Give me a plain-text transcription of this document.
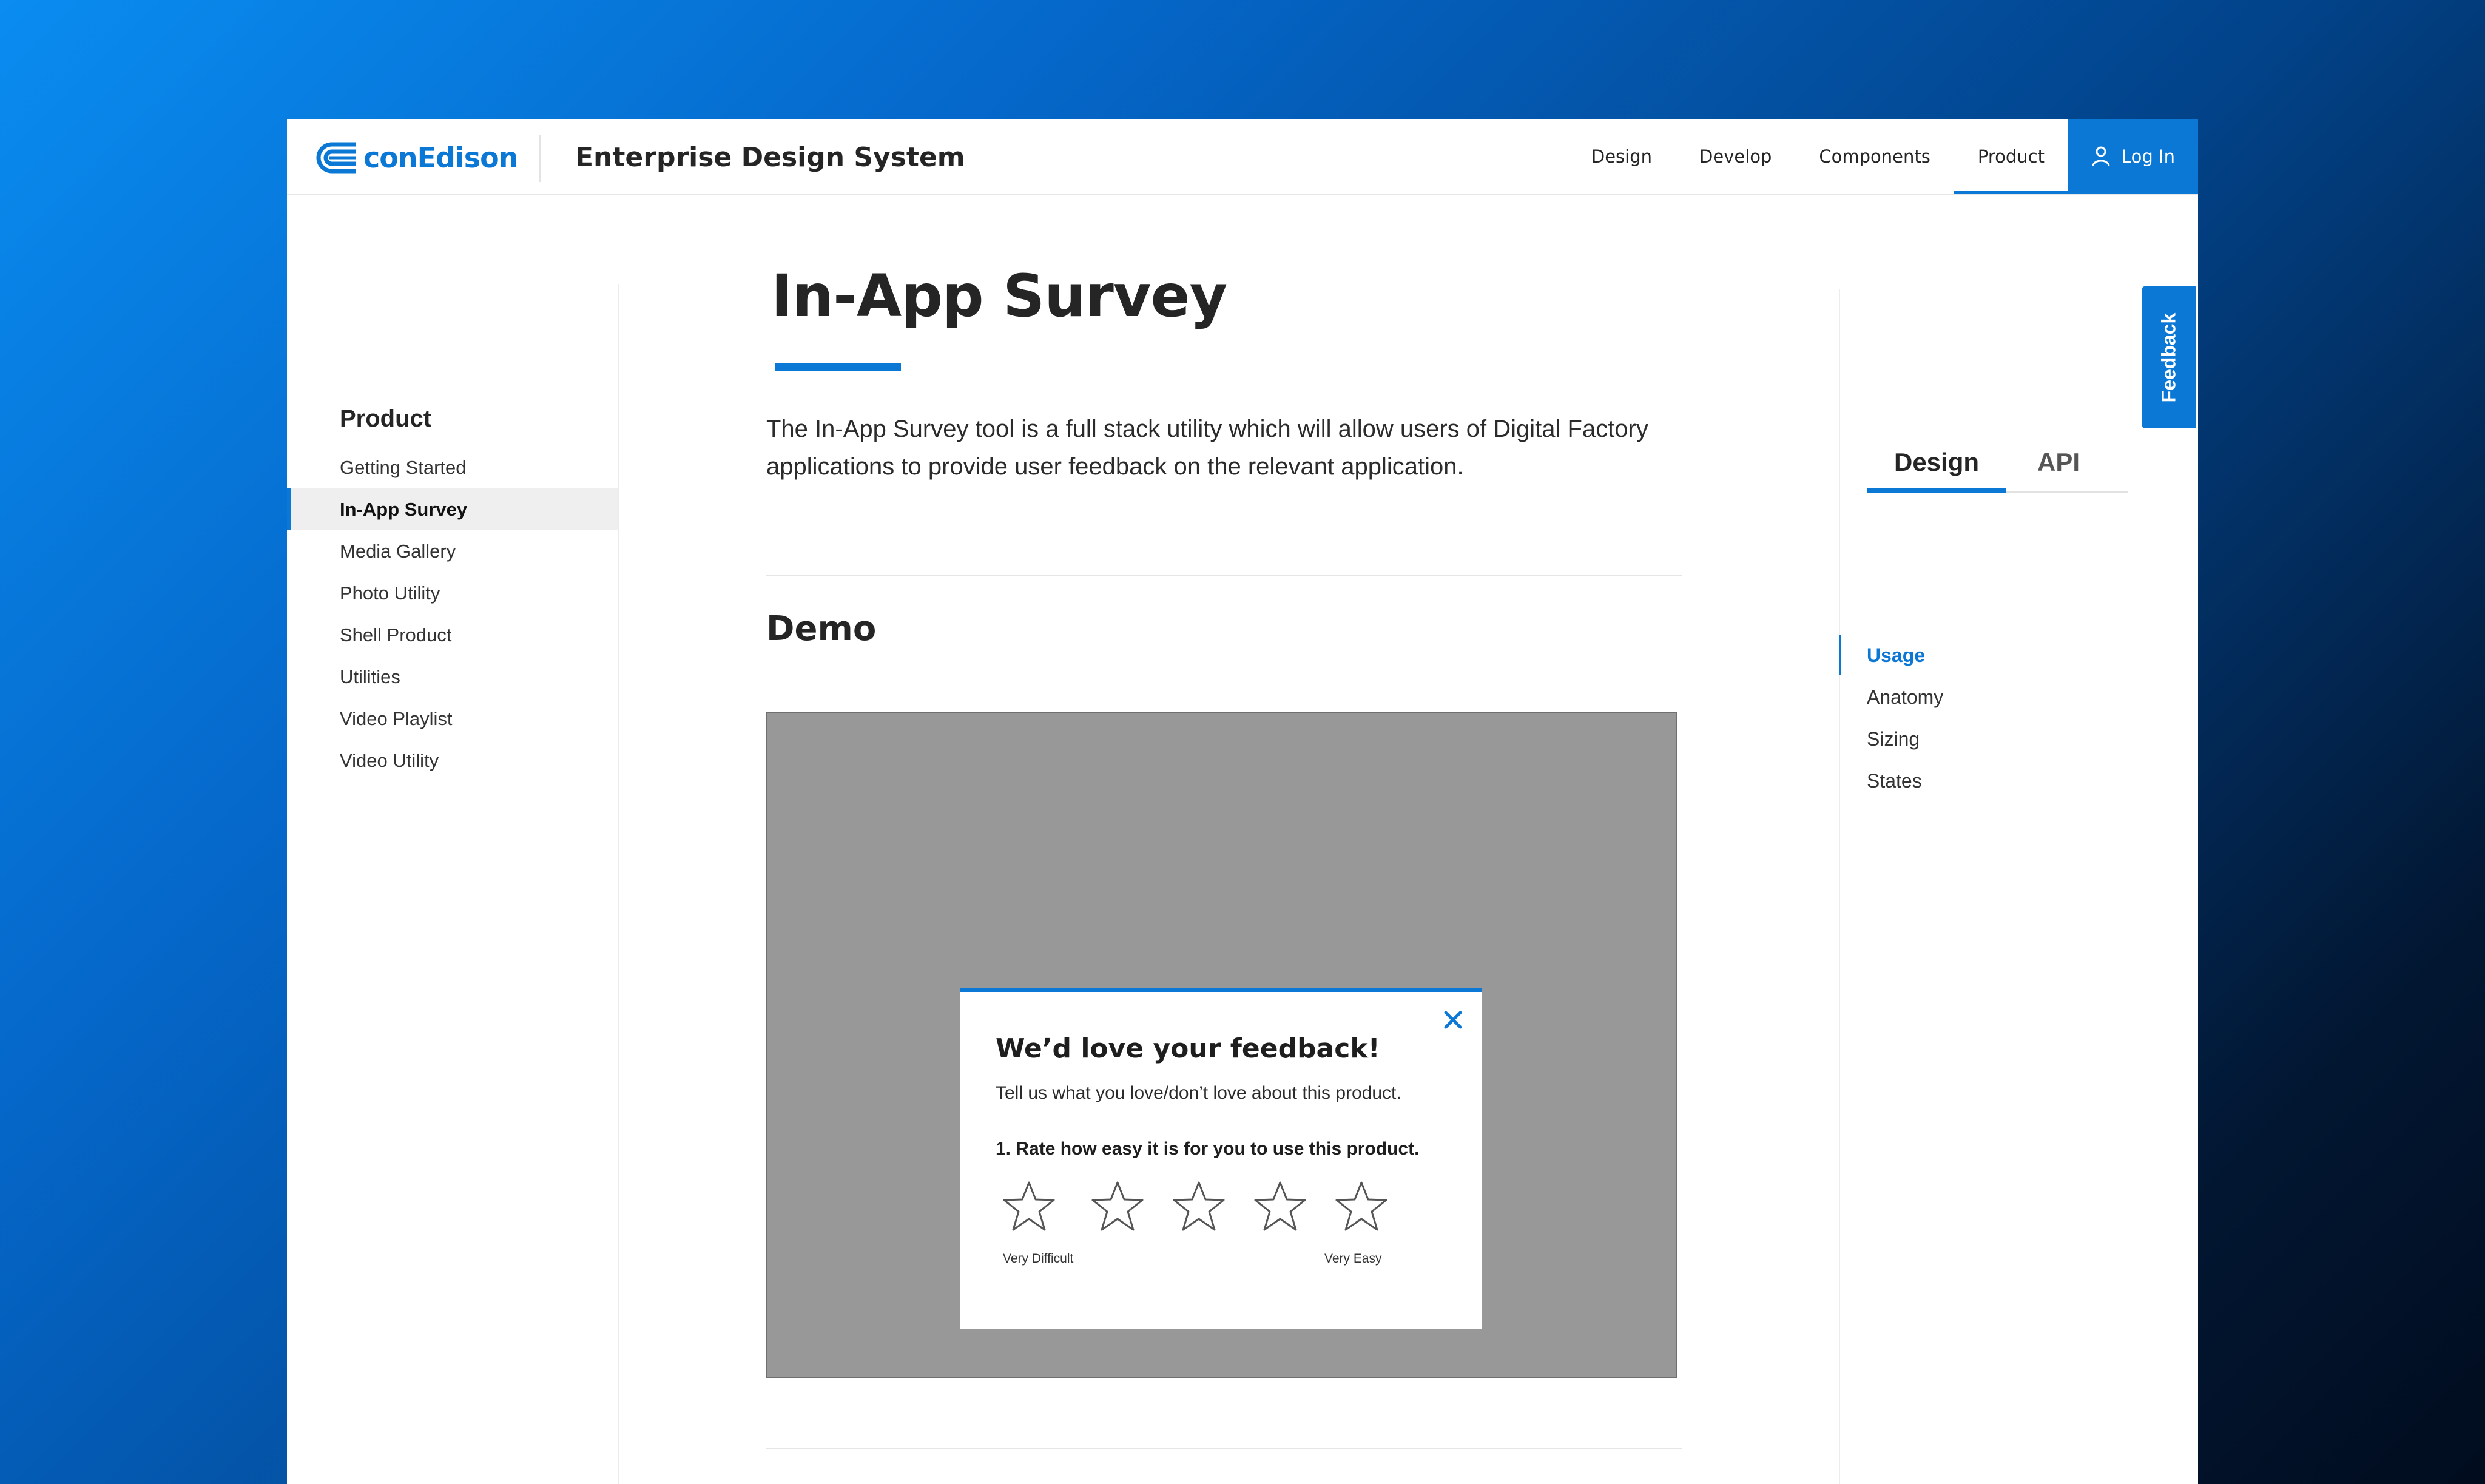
conEdison Enterprise Design System	Design	Develop	Components	Product	Log In
Product
Getting Started
In-App Survey
Media Gallery
Photo Utility
Shell Product
Utilities
Video Playlist
Video Utility
In-App Survey
The In-App Survey tool is a full stack utility which will allow users of Digital Factory applications to provide user feedback on the relevant application.
Demo
We’d love your feedback!
Tell us what you love/don’t love about this product.
1. Rate how easy it is for you to use this product.
Very Difficult	Very Easy
Design	API
Usage
Anatomy
Sizing
States
Feedback
